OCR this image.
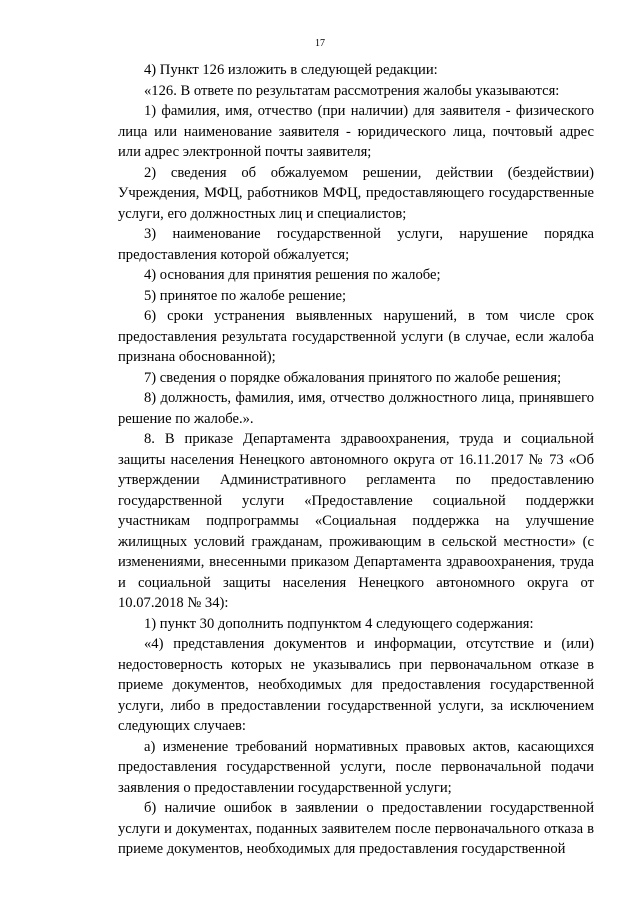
17

4) Пункт 126 изложить в следующей редакции:

«126. В ответе по результатам рассмотрения жалобы указываются:

1) фамилия, имя, отчество (при наличии) для заявителя - физического лица или наименование заявителя - юридического лица, почтовый адрес или адрес электронной почты заявителя;

2) сведения об обжалуемом решении, действии (бездействии) Учреждения, МФЦ, работников МФЦ, предоставляющего государственные услуги, его должностных лиц и специалистов;

3) наименование государственной услуги, нарушение порядка предоставления которой обжалуется;

4) основания для принятия решения по жалобе;

5) принятое по жалобе решение;

6) сроки устранения выявленных нарушений, в том числе срок предоставления результата государственной услуги (в случае, если жалоба признана обоснованной);

7) сведения о порядке обжалования принятого по жалобе решения;

8) должность, фамилия, имя, отчество должностного лица, принявшего решение по жалобе.».

8. В приказе Департамента здравоохранения, труда и социальной защиты населения Ненецкого автономного округа от 16.11.2017 № 73 «Об утверждении Административного регламента по предоставлению государственной услуги «Предоставление социальной поддержки участникам подпрограммы «Социальная поддержка на улучшение жилищных условий гражданам, проживающим в сельской местности» (с изменениями, внесенными приказом Департамента здравоохранения, труда и социальной защиты населения Ненецкого автономного округа от 10.07.2018 № 34):

1) пункт 30 дополнить подпунктом 4 следующего содержания:

«4) представления документов и информации, отсутствие и (или) недостоверность которых не указывались при первоначальном отказе в приеме документов, необходимых для предоставления государственной услуги, либо в предоставлении государственной услуги, за исключением следующих случаев:

а) изменение требований нормативных правовых актов, касающихся предоставления государственной услуги, после первоначальной подачи заявления о предоставлении государственной услуги;

б) наличие ошибок в заявлении о предоставлении государственной услуги и документах, поданных заявителем после первоначального отказа в приеме документов, необходимых для предоставления государственной
